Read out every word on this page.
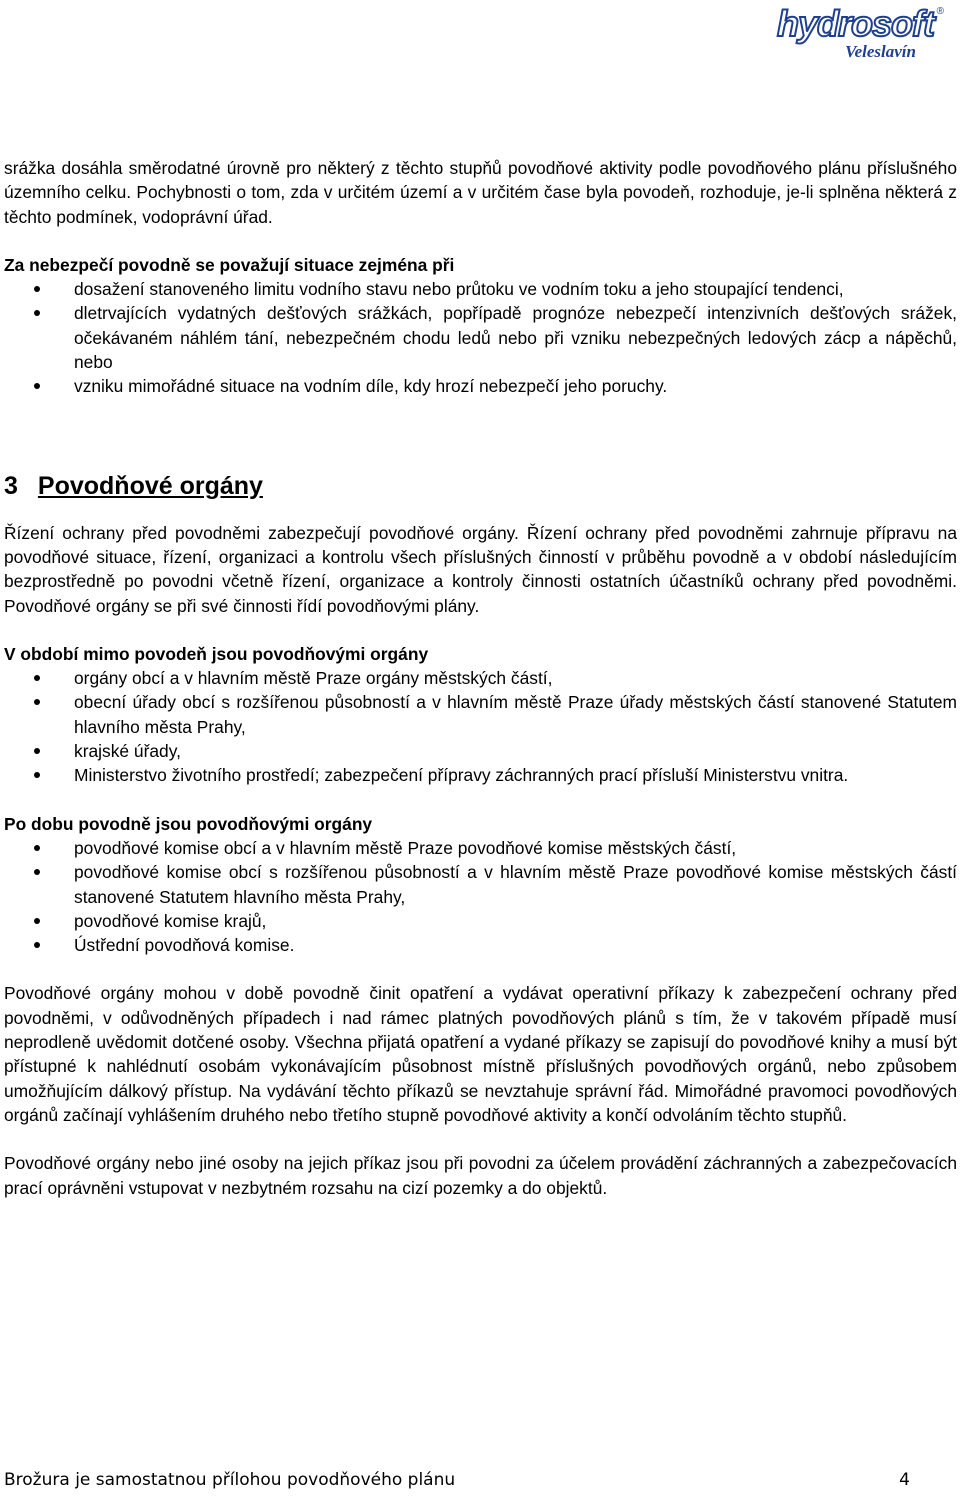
hydrosoft ®
Veleslavín

srážka dosáhla směrodatné úrovně pro některý z těchto stupňů povodňové aktivity podle povodňového plánu příslušného územního celku. Pochybnosti o tom, zda v určitém území a v určitém čase byla povodeň, rozhoduje, je-li splněna některá z těchto podmínek, vodoprávní úřad.

Za nebezpečí povodně se považují situace zejména při

dosažení stanoveného limitu vodního stavu nebo průtoku ve vodním toku a jeho stoupající tendenci,
dletrvajících vydatných dešťových srážkách, popřípadě prognóze nebezpečí intenzivních dešťových srážek, očekávaném náhlém tání, nebezpečném chodu ledů nebo při vzniku nebezpečných ledových zácp a nápěchů, nebo
vzniku mimořádné situace na vodním díle, kdy hrozí nebezpečí jeho poruchy.
3 Povodňové orgány

Řízení ochrany před povodněmi zabezpečují povodňové orgány. Řízení ochrany před povodněmi zahrnuje přípravu na povodňové situace, řízení, organizaci a kontrolu všech příslušných činností v průběhu povodně a v období následujícím bezprostředně po povodni včetně řízení, organizace a kontroly činnosti ostatních účastníků ochrany před povodněmi. Povodňové orgány se při své činnosti řídí povodňovými plány.

V období mimo povodeň jsou povodňovými orgány

orgány obcí a v hlavním městě Praze orgány městských částí,
obecní úřady obcí s rozšířenou působností a v hlavním městě Praze úřady městských částí stanovené Statutem hlavního města Prahy,
krajské úřady,
Ministerstvo životního prostředí; zabezpečení přípravy záchranných prací přísluší Ministerstvu vnitra.

Po dobu povodně jsou povodňovými orgány

povodňové komise obcí a v hlavním městě Praze povodňové komise městských částí,
povodňové komise obcí s rozšířenou působností a v hlavním městě Praze povodňové komise městských částí stanovené Statutem hlavního města Prahy,
povodňové komise krajů,
Ústřední povodňová komise.

Povodňové orgány mohou v době povodně činit opatření a vydávat operativní příkazy k zabezpečení ochrany před povodněmi, v odůvodněných případech i nad rámec platných povodňových plánů s tím, že v takovém případě musí neprodleně uvědomit dotčené osoby. Všechna přijatá opatření a vydané příkazy se zapisují do povodňové knihy a musí být přístupné k nahlédnutí osobám vykonávajícím působnost místně příslušných povodňových orgánů, nebo způsobem umožňujícím dálkový přístup. Na vydávání těchto příkazů se nevztahuje správní řád. Mimořádné pravomoci povodňových orgánů začínají vyhlášením druhého nebo třetího stupně povodňové aktivity a končí odvoláním těchto stupňů.

Povodňové orgány nebo jiné osoby na jejich příkaz jsou při povodni za účelem provádění záchranných a zabezpečovacích prací oprávněni vstupovat v nezbytném rozsahu na cizí pozemky a do objektů.

Brožura je samostatnou přílohou povodňového plánu	4
